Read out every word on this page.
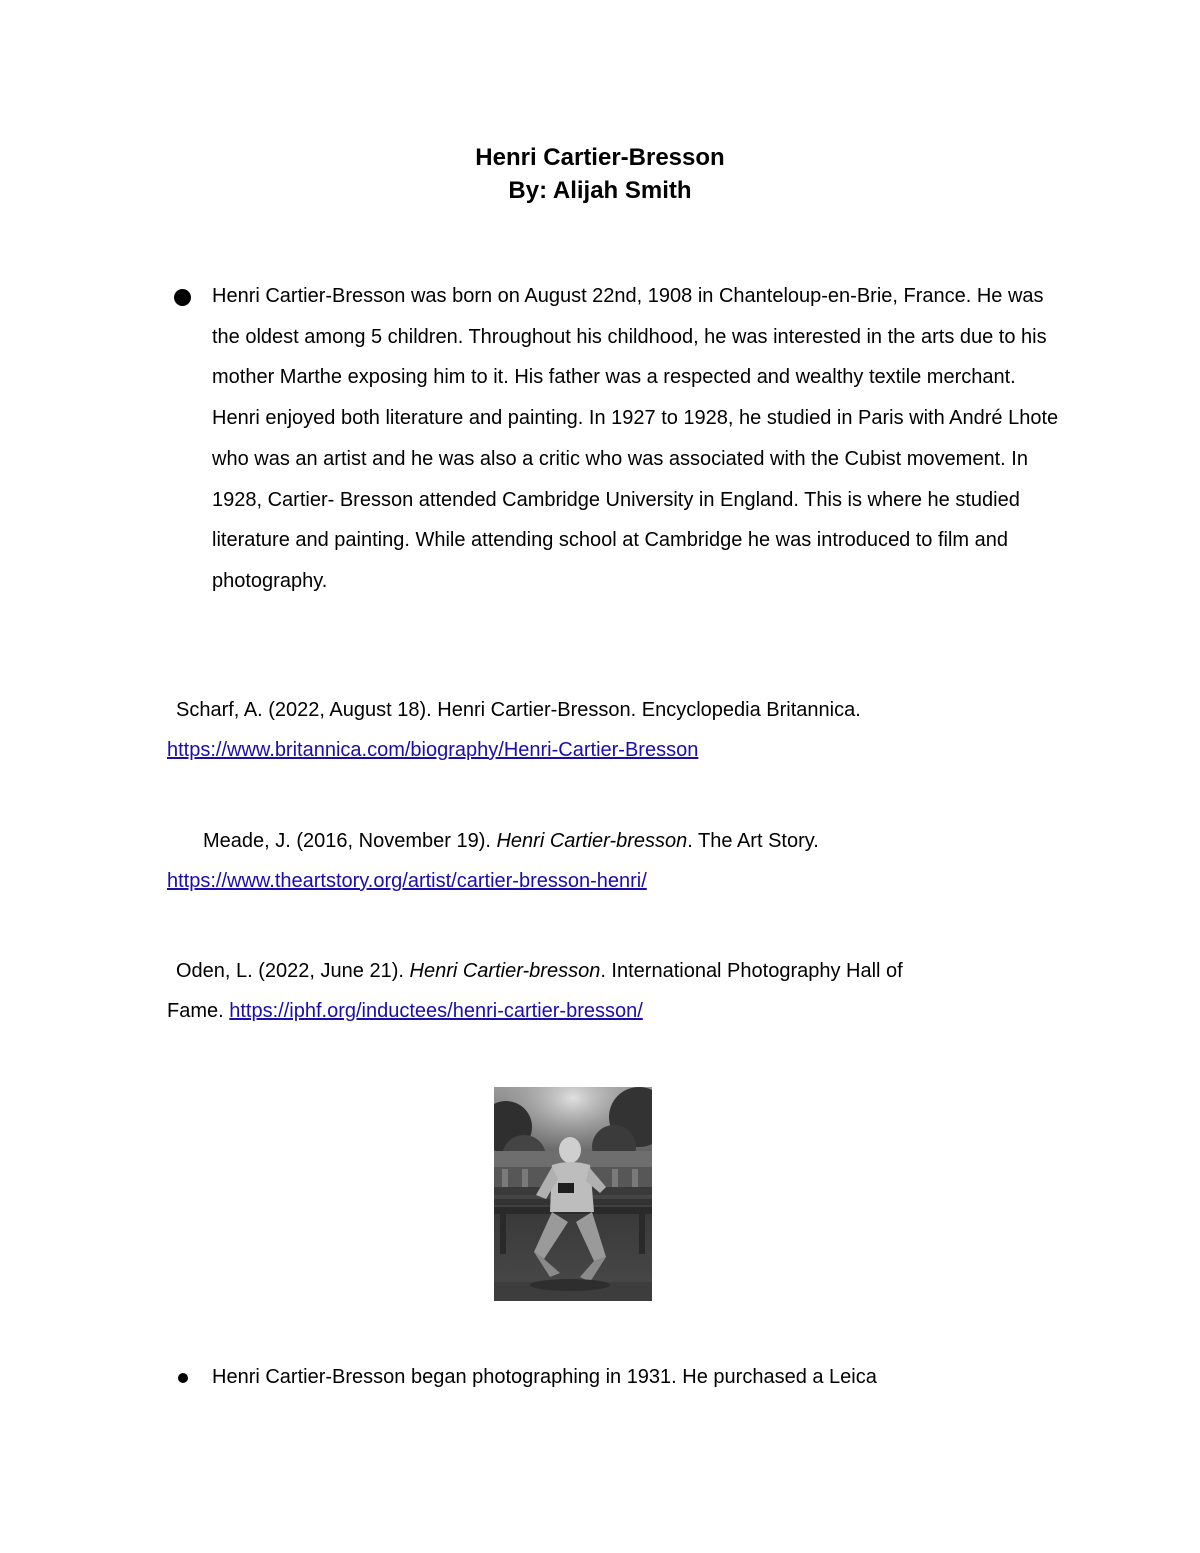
Henri Cartier-Bresson
By: Alijah Smith
Henri Cartier-Bresson was born on August 22nd, 1908 in Chanteloup-en-Brie, France. He was the oldest among 5 children. Throughout his childhood, he was interested in the arts due to his mother Marthe exposing him to it. His father was a respected and wealthy textile merchant. Henri enjoyed both literature and painting. In 1927 to 1928, he studied in Paris with André Lhote who was an artist and he was also a critic who was associated with the Cubist movement. In 1928, Cartier- Bresson attended Cambridge University in England. This is where he studied literature and painting. While attending school at Cambridge he was introduced to film and photography.
Scharf, A. (2022, August 18). Henri Cartier-Bresson. Encyclopedia Britannica.
https://www.britannica.com/biography/Henri-Cartier-Bresson
Meade, J. (2016, November 19). Henri Cartier-bresson. The Art Story.
https://www.theartstory.org/artist/cartier-bresson-henri/
Oden, L. (2022, June 21). Henri Cartier-bresson. International Photography Hall of
Fame. https://iphf.org/inductees/henri-cartier-bresson/
Henri Cartier-Bresson began photographing in 1931. He purchased a Leica
